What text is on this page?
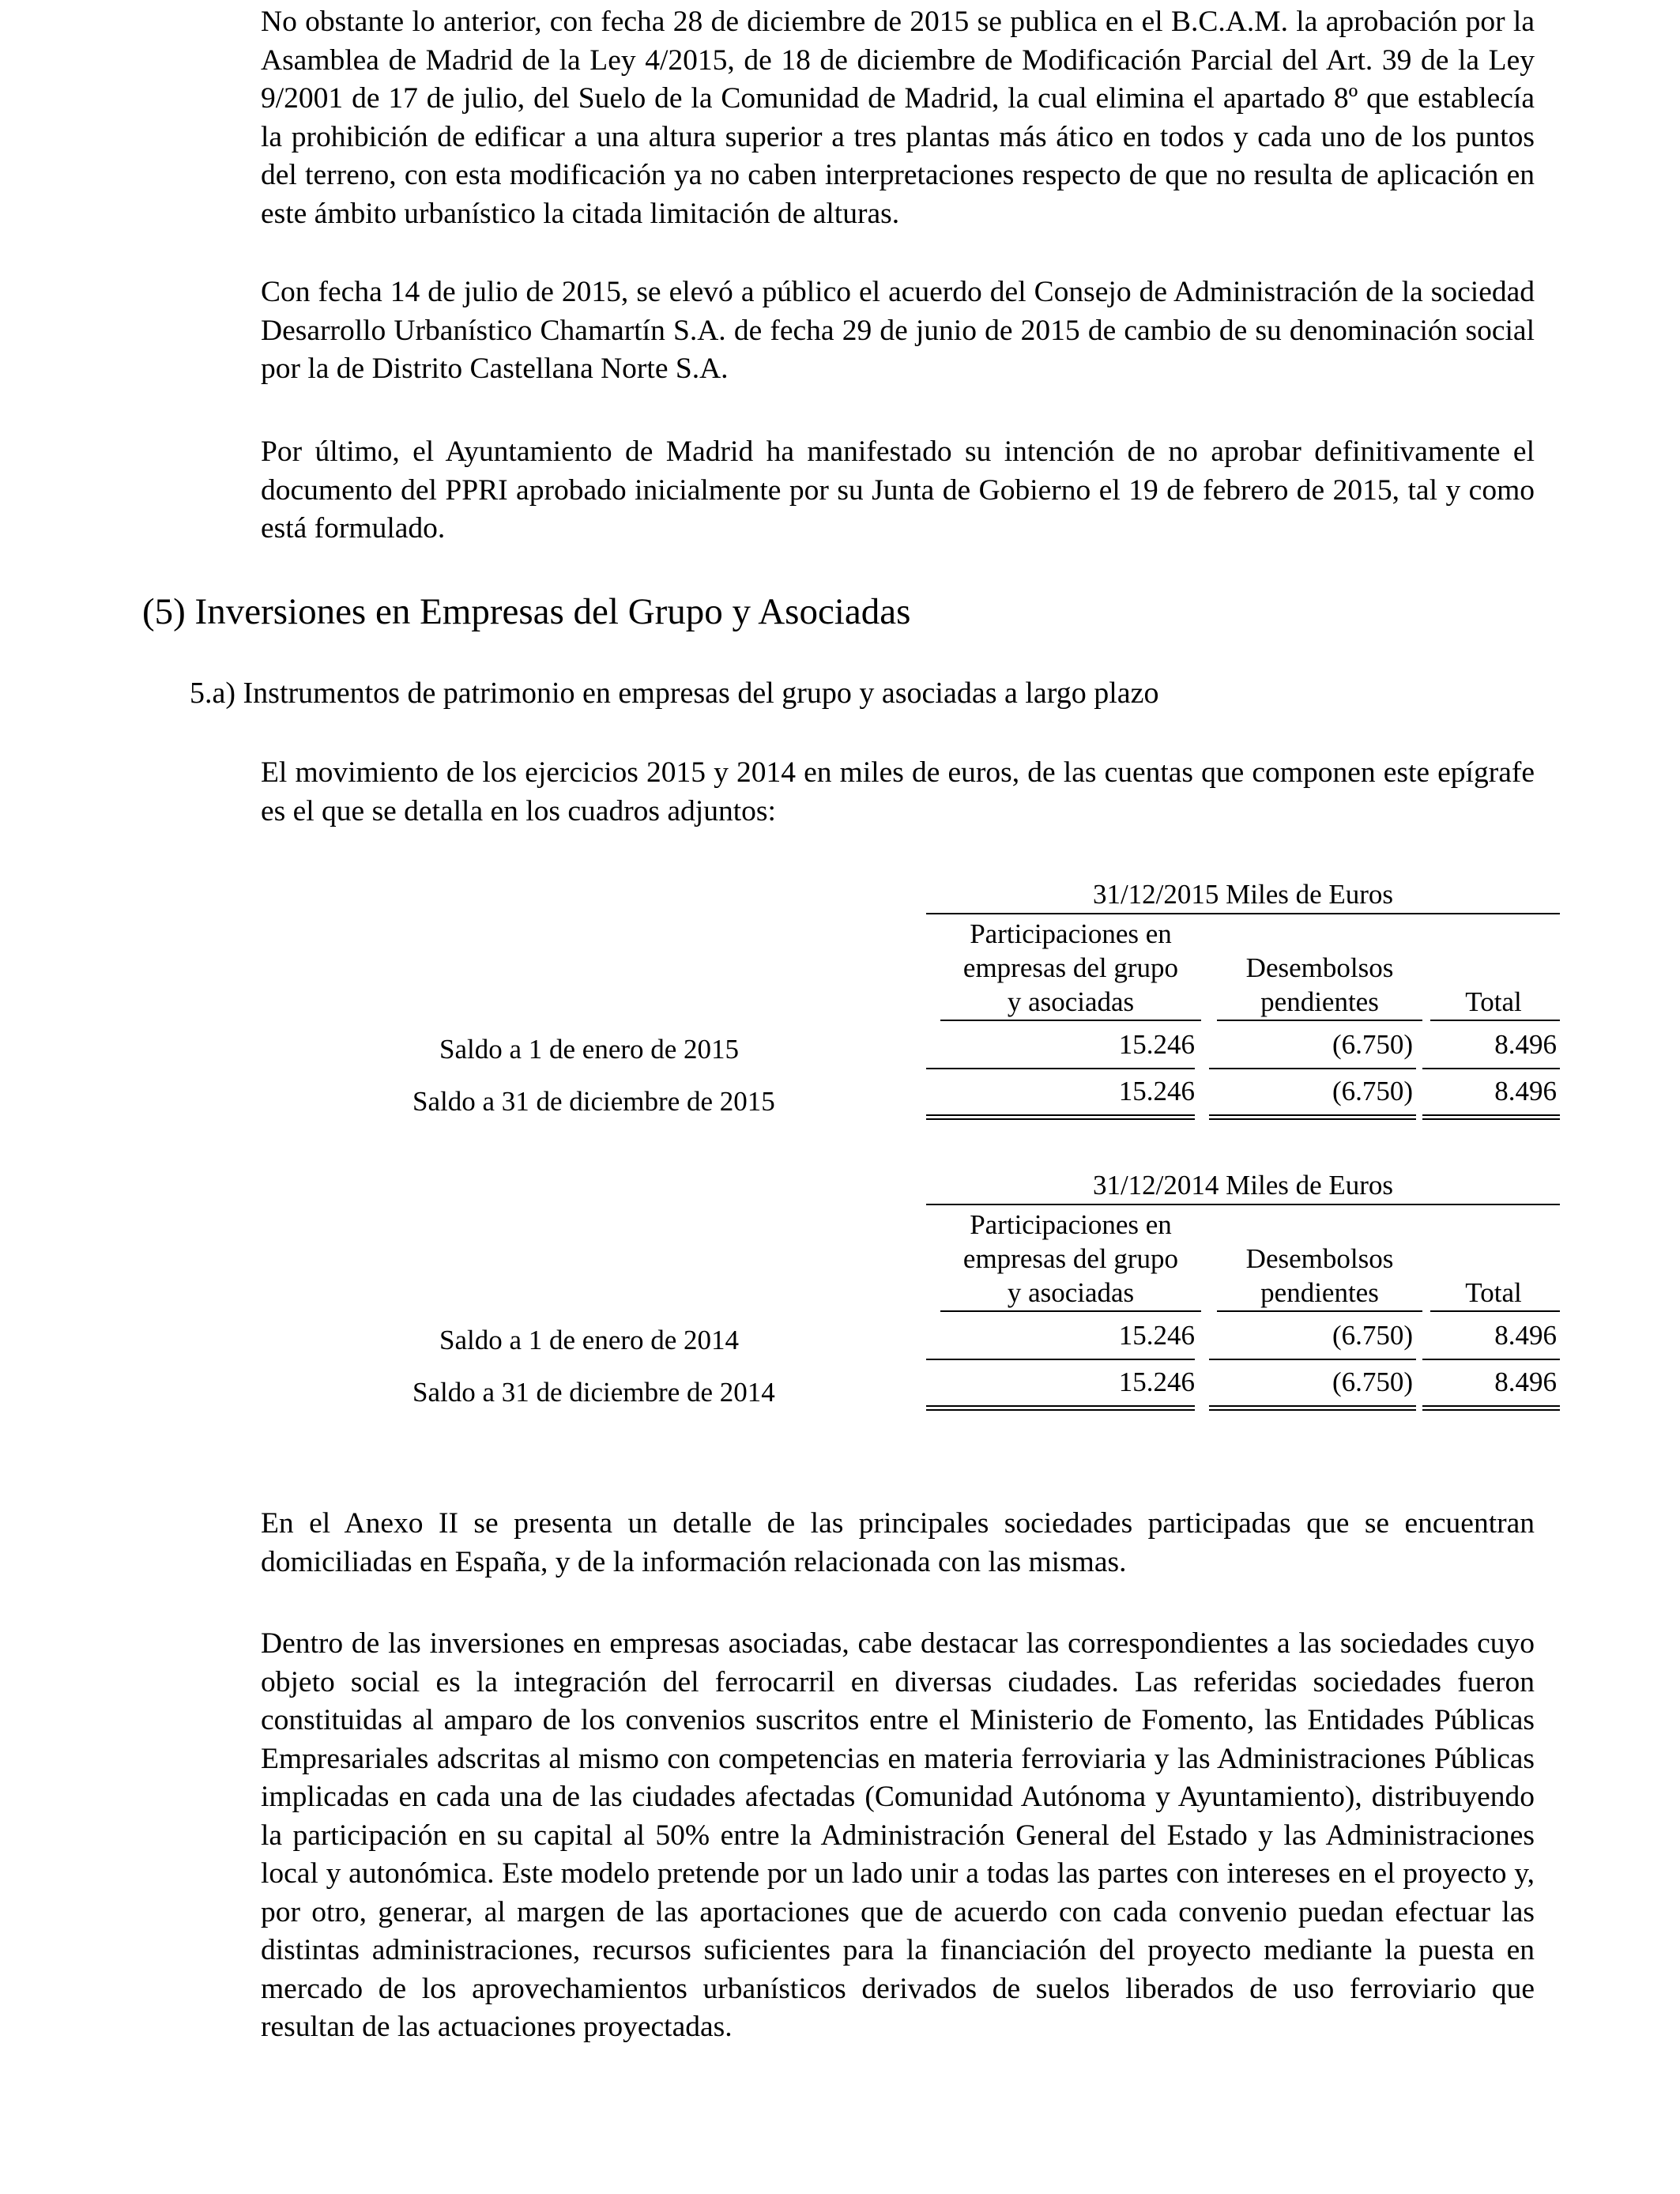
No obstante lo anterior, con fecha 28 de diciembre de 2015 se publica en el B.C.A.M. la aprobación por la Asamblea de Madrid de la Ley 4/2015, de 18 de diciembre de Modificación Parcial del Art. 39 de la Ley 9/2001 de 17 de julio, del Suelo de la Comunidad de Madrid, la cual elimina el apartado 8º que establecía la prohibición de edificar a una altura superior a tres plantas más ático en todos y cada uno de los puntos del terreno, con esta modificación ya no caben interpretaciones respecto de que no resulta de aplicación en este ámbito urbanístico la citada limitación de alturas.

Con fecha 14 de julio de 2015, se elevó a público el acuerdo del Consejo de Administración de la sociedad Desarrollo Urbanístico Chamartín S.A. de fecha 29 de junio de 2015 de cambio de su denominación social por la de Distrito Castellana Norte S.A.

Por último, el Ayuntamiento de Madrid ha manifestado su intención de no aprobar definitivamente el documento del PPRI aprobado inicialmente por su Junta de Gobierno el 19 de febrero de 2015, tal y como está formulado.

(5) Inversiones en Empresas del Grupo y Asociadas
5.a) Instrumentos de patrimonio en empresas del grupo y asociadas a largo plazo

El movimiento de los ejercicios 2015 y 2014 en miles de euros, de las cuentas que componen este epígrafe es el que se detalla en los cuadros adjuntos:

31/12/2015 Miles de Euros
Participaciones en
empresas del grupo
y asociadas
Desembolsos
pendientes	Total
Saldo a 1 de enero de 2015	15.246	(6.750)	8.496
Saldo a 31 de diciembre de 2015	15.246	(6.750)	8.496
31/12/2014 Miles de Euros
Participaciones en
empresas del grupo
y asociadas
Desembolsos
pendientes	Total
Saldo a 1 de enero de 2014	15.246	(6.750)	8.496
Saldo a 31 de diciembre de 2014	15.246	(6.750)	8.496

En el Anexo II se presenta un detalle de las principales sociedades participadas que se encuentran domiciliadas en España, y de la información relacionada con las mismas.

Dentro de las inversiones en empresas asociadas, cabe destacar las correspondientes a las sociedades cuyo objeto social es la integración del ferrocarril en diversas ciudades. Las referidas sociedades fueron constituidas al amparo de los convenios suscritos entre el Ministerio de Fomento, las Entidades Públicas Empresariales adscritas al mismo con competencias en materia ferroviaria y las Administraciones Públicas implicadas en cada una de las ciudades afectadas (Comunidad Autónoma y Ayuntamiento), distribuyendo la participación en su capital al 50% entre la Administración General del Estado y las Administraciones local y autonómica. Este modelo pretende por un lado unir a todas las partes con intereses en el proyecto y, por otro, generar, al margen de las aportaciones que de acuerdo con cada convenio puedan efectuar las distintas administraciones, recursos suficientes para la financiación del proyecto mediante la puesta en mercado de los aprovechamientos urbanísticos derivados de suelos liberados de uso ferroviario que resultan de las actuaciones proyectadas.
